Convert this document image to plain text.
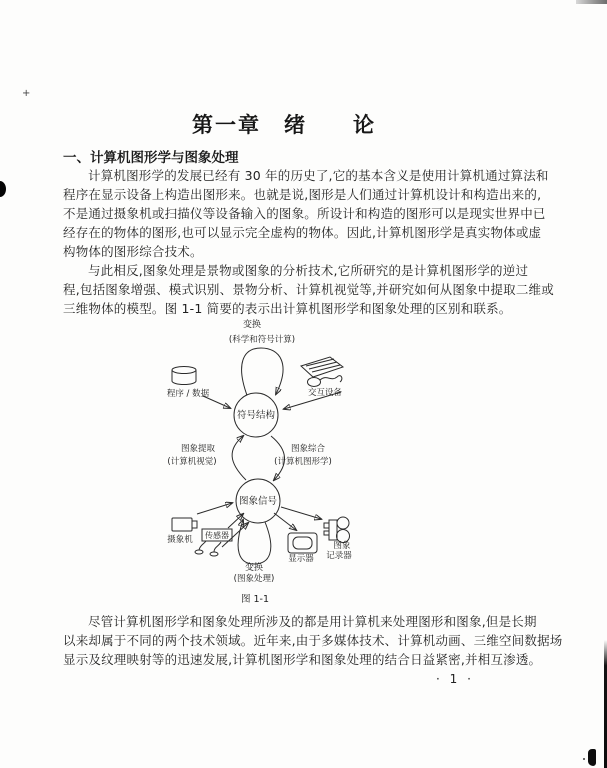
第一章　绪　　论
一、计算机图形学与图象处理
计算机图形学的发展已经有 30 年的历史了,它的基本含义是使用计算机通过算法和
程序在显示设备上构造出图形来。也就是说,图形是人们通过计算机设计和构造出来的,
不是通过摄象机或扫描仪等设备输入的图象。所设计和构造的图形可以是现实世界中已
经存在的物体的图形,也可以显示完全虚构的物体。因此,计算机图形学是真实物体或虚
构物体的图形综合技术。
与此相反,图象处理是景物或图象的分析技术,它所研究的是计算机图形学的逆过
程,包括图象增强、模式识别、景物分析、计算机视觉等,并研究如何从图象中提取二维或
三维物体的模型。图 1-1 简要的表示出计算机图形学和图象处理的区别和联系。
变换
(科学和符号计算)
程序 / 数据	交互设备
符号结构
图象提取
(计算机视觉)
图象综合
(计算机图形学)
图象信号
摄象机 传感器
显示器
图象
记录器
变换
(图象处理)
图 1-1
尽管计算机图形学和图象处理所涉及的都是用计算机来处理图形和图象,但是长期
以来却属于不同的两个技术领域。近年来,由于多媒体技术、计算机动画、三维空间数据场
显示及纹理映射等的迅速发展,计算机图形学和图象处理的结合日益紧密,并相互渗透。
· 1 ·
+
